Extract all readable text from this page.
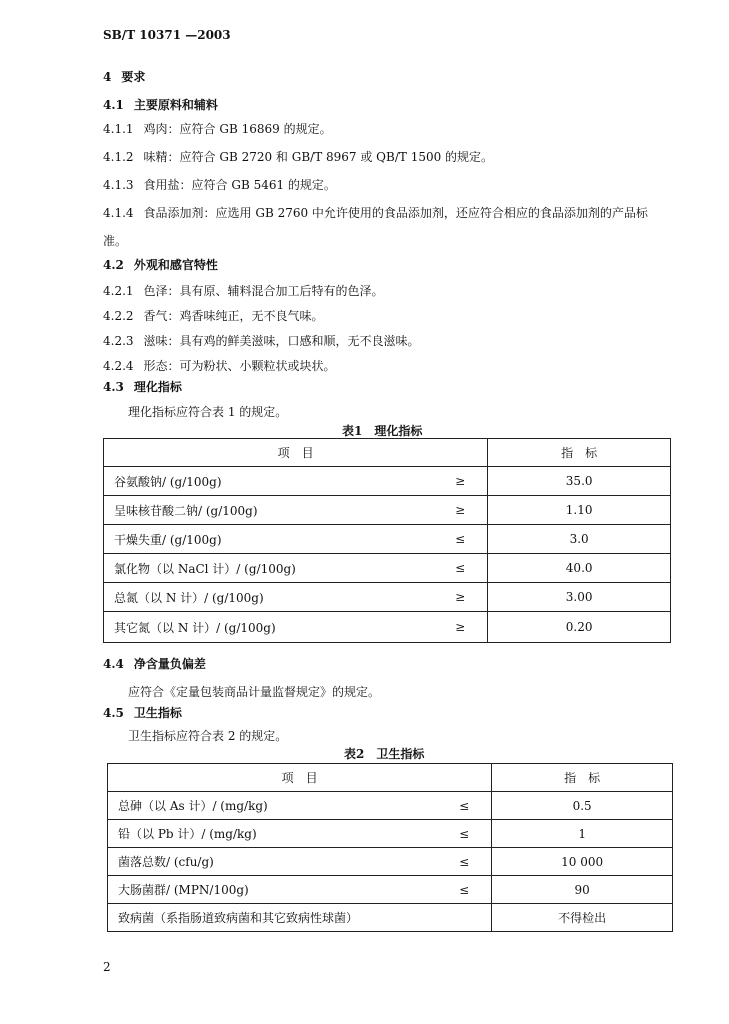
SB/T 10371 —2003
4 要求
4.1 主要原料和辅料
4.1.1 鸡肉：应符合 GB 16869 的规定。
4.1.2 味精：应符合 GB 2720 和 GB/T 8967 或 QB/T 1500 的规定。
4.1.3 食用盐：应符合 GB 5461 的规定。
4.1.4 食品添加剂：应选用 GB 2760 中允许使用的食品添加剂，还应符合相应的食品添加剂的产品标
准。
4.2 外观和感官特性
4.2.1 色泽：具有原、辅料混合加工后特有的色泽。
4.2.2 香气：鸡香味纯正，无不良气味。
4.2.3 滋味：具有鸡的鲜美滋味，口感和顺，无不良滋味。
4.2.4 形态：可为粉状、小颗粒状或块状。
4.3 理化指标
理化指标应符合表 1 的规定。
表1　理化指标
项　目		指　标
谷氨酸钠/ (g/100g)	≥	35.0
呈味核苷酸二钠/ (g/100g)	≥	1.10
干燥失重/ (g/100g)	≤	3.0
氯化物（以 NaCl 计）/ (g/100g)	≤	40.0
总氮（以 N 计）/ (g/100g)	≥	3.00
其它氮（以 N 计）/ (g/100g)	≥	0.20
4.4 净含量负偏差
应符合《定量包装商品计量监督规定》的规定。
4.5 卫生指标
卫生指标应符合表 2 的规定。
表2　卫生指标
项　目		指　标
总砷（以 As 计）/ (mg/kg)	≤	0.5
铅（以 Pb 计）/ (mg/kg)	≤	1
菌落总数/ (cfu/g)	≤	10 000
大肠菌群/ (MPN/100g)	≤	90
致病菌（系指肠道致病菌和其它致病性球菌）		不得检出
2
